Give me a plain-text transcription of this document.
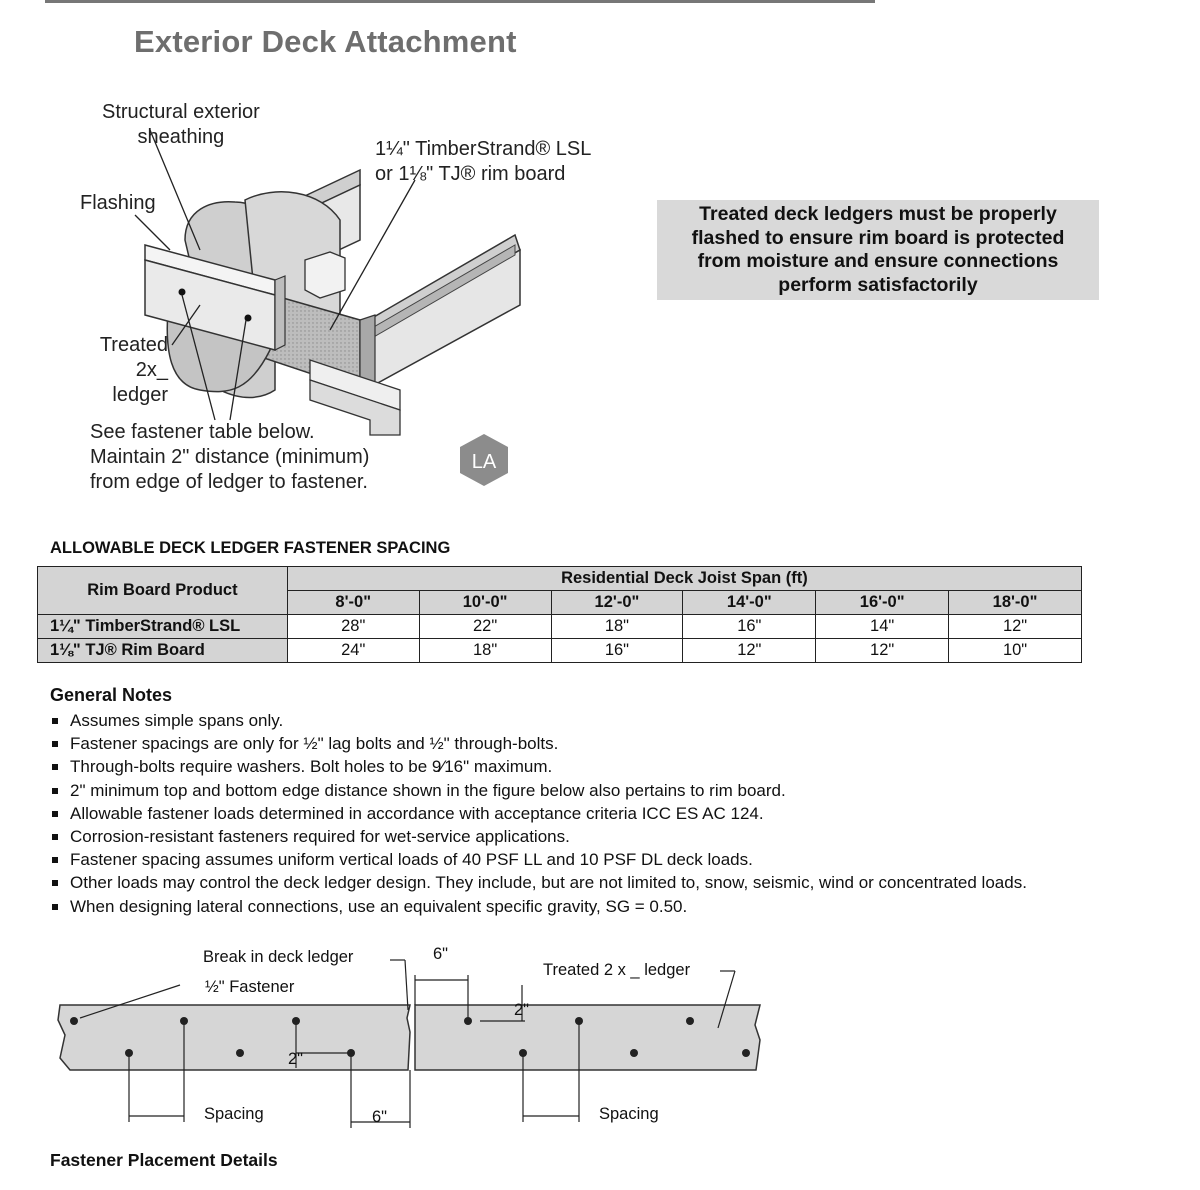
Exterior Deck Attachment
Structural exterior
sheathing
1¼" TimberStrand® LSL
or 1⅛" TJ® rim board
Flashing
Treated
2x_ ledger
See fastener table below.
Maintain 2" distance (minimum)
from edge of ledger to fastener.
LA
Treated deck ledgers must be properly flashed to ensure rim board is protected from moisture and ensure connections perform satisfactorily
ALLOWABLE DECK LEDGER FASTENER SPACING
Rim Board Product	Residential Deck Joist Span (ft)					
	8'-0"	10'-0"	12'-0"	14'-0"	16'-0"	18'-0"
1¼" TimberStrand® LSL	28"	22"	18"	16"	14"	12"
1⅛" TJ® Rim Board	24"	18"	16"	12"	12"	10"
General Notes
Assumes simple spans only.
Fastener spacings are only for ½" lag bolts and ½" through-bolts.
Through-bolts require washers. Bolt holes to be 9⁄16" maximum.
2" minimum top and bottom edge distance shown in the figure below also pertains to rim board.
Allowable fastener loads determined in accordance with acceptance criteria ICC ES AC 124.
Corrosion-resistant fasteners required for wet-service applications.
Fastener spacing assumes uniform vertical loads of 40 PSF LL and 10 PSF DL deck loads.
Other loads may control the deck ledger design. They include, but are not limited to, snow, seismic, wind or concentrated loads.
When designing lateral connections, use an equivalent specific gravity, SG = 0.50.
Break in deck ledger
½" Fastener
Treated 2 x _ ledger
6"
2"
2"
Spacing	Spacing
6"
Fastener Placement Details
